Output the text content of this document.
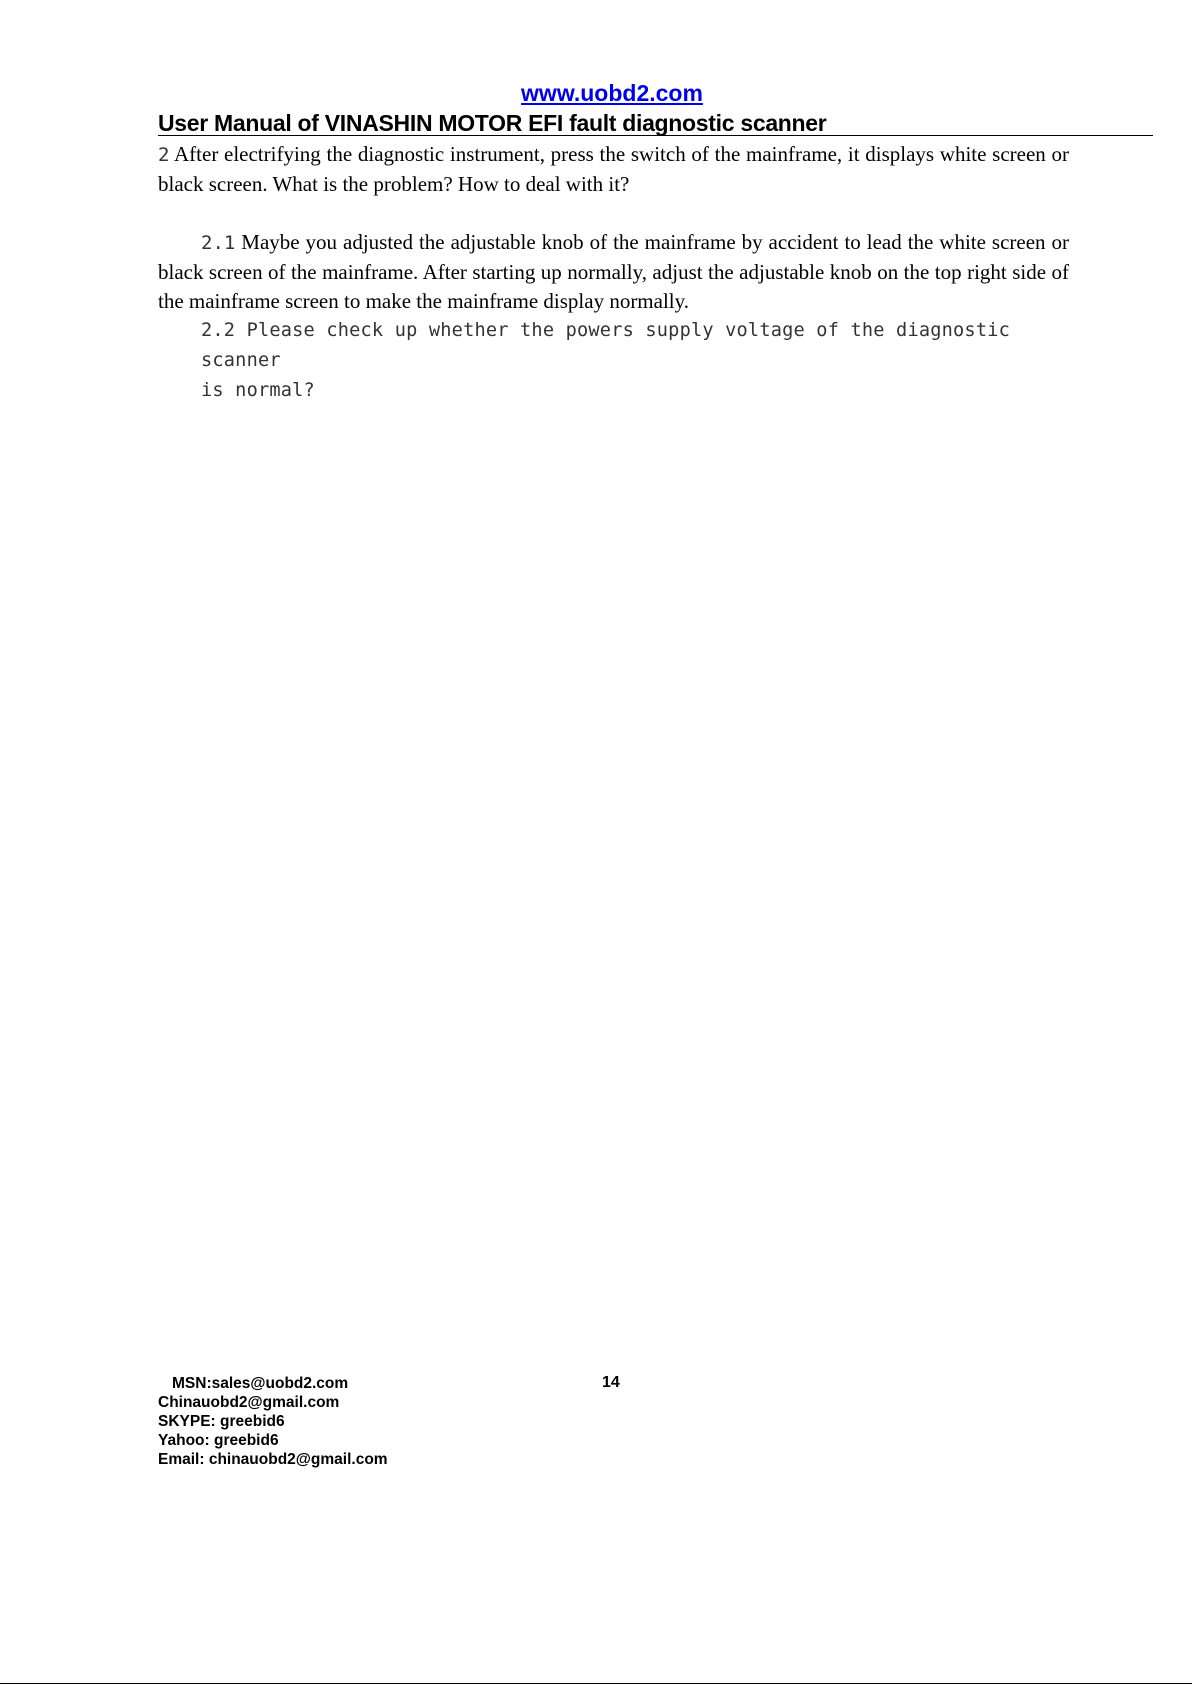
www.uobd2.com
User Manual of VINASHIN MOTOR EFI fault diagnostic scanner

2 After electrifying the diagnostic instrument, press the switch of the mainframe, it displays white screen or black screen. What is the problem? How to deal with it?

2.1 Maybe you adjusted the adjustable knob of the mainframe by accident to lead the white screen or black screen of the mainframe. After starting up normally, adjust the adjustable knob on the top right side of the mainframe screen to make the mainframe display normally.

2.2 Please check up whether the powers supply voltage of the diagnostic scanner
is normal?
MSN:sales@uobd2.com
Chinauobd2@gmail.com
SKYPE: greebid6
Yahoo: greebid6
Email: chinauobd2@gmail.com
14
